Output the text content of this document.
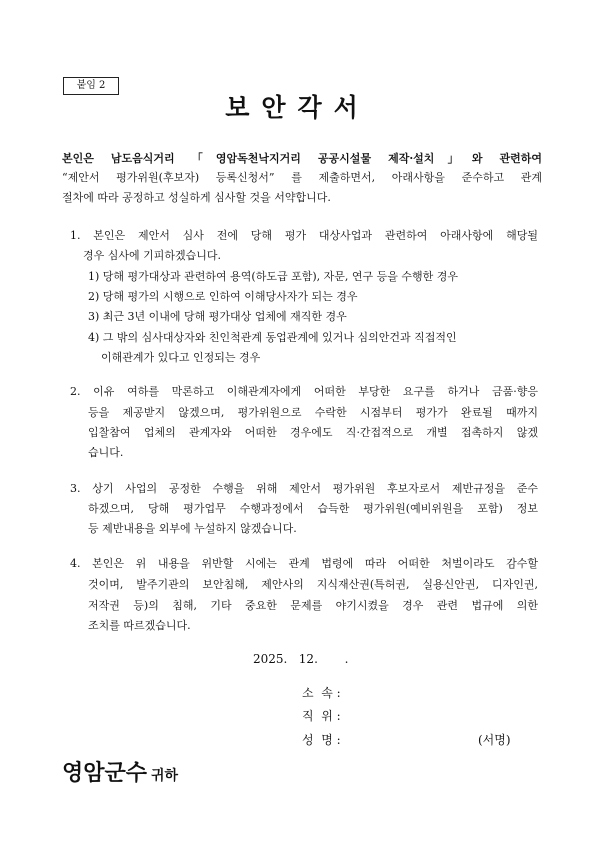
붙임 2
보안각서
본인은 남도음식거리 「영암독천낙지거리 공공시설물 제작·설치」와 관련하여
“제안서 평가위원(후보자) 등록신청서” 를 제출하면서, 아래사항을 준수하고 관계
절차에 따라 공정하고 성실하게 심사할 것을 서약합니다.
1. 본인은 제안서 심사 전에 당해 평가 대상사업과 관련하여 아래사항에 해당될
경우 심사에 기피하겠습니다.
1) 당해 평가대상과 관련하여 용역(하도급 포함), 자문, 연구 등을 수행한 경우
2) 당해 평가의 시행으로 인하여 이해당사자가 되는 경우
3) 최근 3년 이내에 당해 평가대상 업체에 재직한 경우
4) 그 밖의 심사대상자와 친인척관계 동업관계에 있거나 심의안건과 직접적인
이해관계가 있다고 인정되는 경우
2. 이유 여하를 막론하고 이해관계자에게 어떠한 부당한 요구를 하거나 금품·향응
등을 제공받지 않겠으며, 평가위원으로 수락한 시점부터 평가가 완료될 때까지
입찰참여 업체의 관계자와 어떠한 경우에도 직·간접적으로 개별 접촉하지 않겠
습니다.
3. 상기 사업의 공정한 수행을 위해 제안서 평가위원 후보자로서 제반규정을 준수
하겠으며, 당해 평가업무 수행과정에서 습득한 평가위원(예비위원을 포함) 정보
등 제반내용을 외부에 누설하지 않겠습니다.
4. 본인은 위 내용을 위반할 시에는 관계 법령에 따라 어떠한 처벌이라도 감수할
것이며, 발주기관의 보안침해, 제안사의 지식재산권(특허권, 실용신안권, 디자인권,
저작권 등)의 침해, 기타 중요한 문제를 야기시켰을 경우 관련 법규에 의한
조치를 따르겠습니다.
2025.   12.       .
소  속 :
직  위 :
성  명 :	(서명)
영암군수 귀하
